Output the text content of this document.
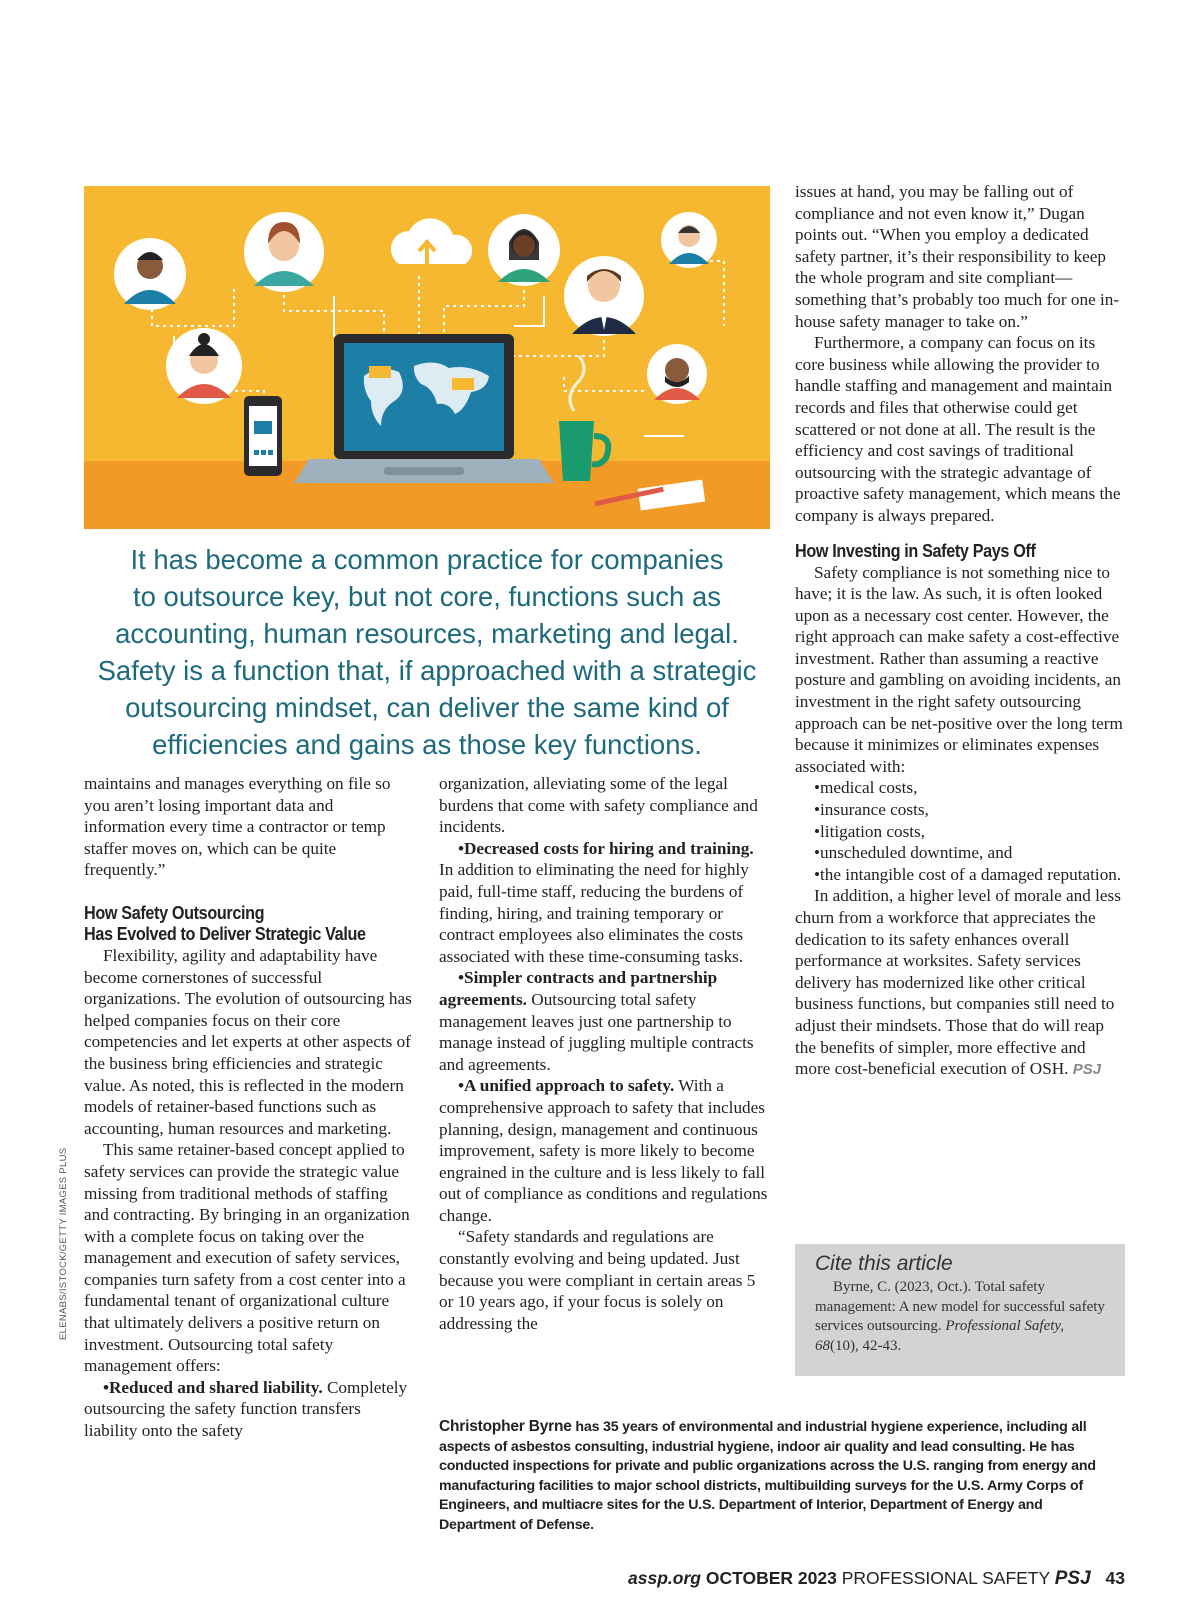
It has become a common practice for companies
to outsource key, but not core, functions such as
accounting, human resources, marketing and legal.
Safety is a function that, if approached with a strategic
outsourcing mindset, can deliver the same kind of
efficiencies and gains as those key functions.
ELENABS/ISTOCK/GETTY IMAGES PLUS

maintains and manages everything on file so you aren’t losing important data and information every time a contractor or temp staffer moves on, which can be quite frequently.”

How Safety Outsourcing
Has Evolved to Deliver Strategic Value

Flexibility, agility and adaptability have become cornerstones of successful organizations. The evolution of outsourcing has helped companies focus on their core competencies and let experts at other aspects of the business bring efficiencies and strategic value. As noted, this is reflected in the modern models of retainer-based functions such as accounting, human resources and marketing.

This same retainer-based concept applied to safety services can provide the strategic value missing from traditional methods of staffing and contracting. By bringing in an organization with a complete focus on taking over the management and execution of safety services, companies turn safety from a cost center into a fundamental tenant of organizational culture that ultimately delivers a positive return on investment. Outsourcing total safety management offers:

•Reduced and shared liability. Completely outsourcing the safety function transfers liability onto the safety

organization, alleviating some of the legal burdens that come with safety compliance and incidents.

•Decreased costs for hiring and training. In addition to eliminating the need for highly paid, full-time staff, reducing the burdens of finding, hiring, and training temporary or contract employees also eliminates the costs associated with these time-consuming tasks.

•Simpler contracts and partnership agreements. Outsourcing total safety management leaves just one partnership to manage instead of juggling multiple contracts and agreements.

•A unified approach to safety. With a comprehensive approach to safety that includes planning, design, management and continuous improvement, safety is more likely to become engrained in the culture and is less likely to fall out of compliance as conditions and regulations change.

“Safety standards and regulations are constantly evolving and being updated. Just because you were compliant in certain areas 5 or 10 years ago, if your focus is solely on addressing the

issues at hand, you may be falling out of compliance and not even know it,” Dugan points out. “When you employ a dedicated safety partner, it’s their responsibility to keep the whole program and site compliant—something that’s probably too much for one in-house safety manager to take on.”

Furthermore, a company can focus on its core business while allowing the provider to handle staffing and management and maintain records and files that otherwise could get scattered or not done at all. The result is the efficiency and cost savings of traditional outsourcing with the strategic advantage of proactive safety management, which means the company is always prepared.

How Investing in Safety Pays Off

Safety compliance is not something nice to have; it is the law. As such, it is often looked upon as a necessary cost center. However, the right approach can make safety a cost-effective investment. Rather than assuming a reactive posture and gambling on avoiding incidents, an investment in the right safety outsourcing approach can be net-positive over the long term because it minimizes or eliminates expenses associated with:

•medical costs,

•insurance costs,

•litigation costs,

•unscheduled downtime, and

•the intangible cost of a damaged reputation.

In addition, a higher level of morale and less churn from a workforce that appreciates the dedication to its safety enhances overall performance at worksites. Safety services delivery has modernized like other critical business functions, but companies still need to adjust their mindsets. Those that do will reap the benefits of simpler, more effective and more cost-beneficial execution of OSH. PSJ

Cite this article
Byrne, C. (2023, Oct.). Total safety management: A new model for successful safety services outsourcing. Professional Safety, 68(10), 42-43.
Christopher Byrne has 35 years of environmental and industrial hygiene experience, including all aspects of asbestos consulting, industrial hygiene, indoor air quality and lead consulting. He has conducted inspections for private and public organizations across the U.S. ranging from energy and manufacturing facilities to major school districts, multibuilding surveys for the U.S. Army Corps of Engineers, and multiacre sites for the U.S. Department of Interior, Department of Energy and Department of Defense.
assp.org OCTOBER 2023 PROFESSIONAL SAFETY PSJ 43
